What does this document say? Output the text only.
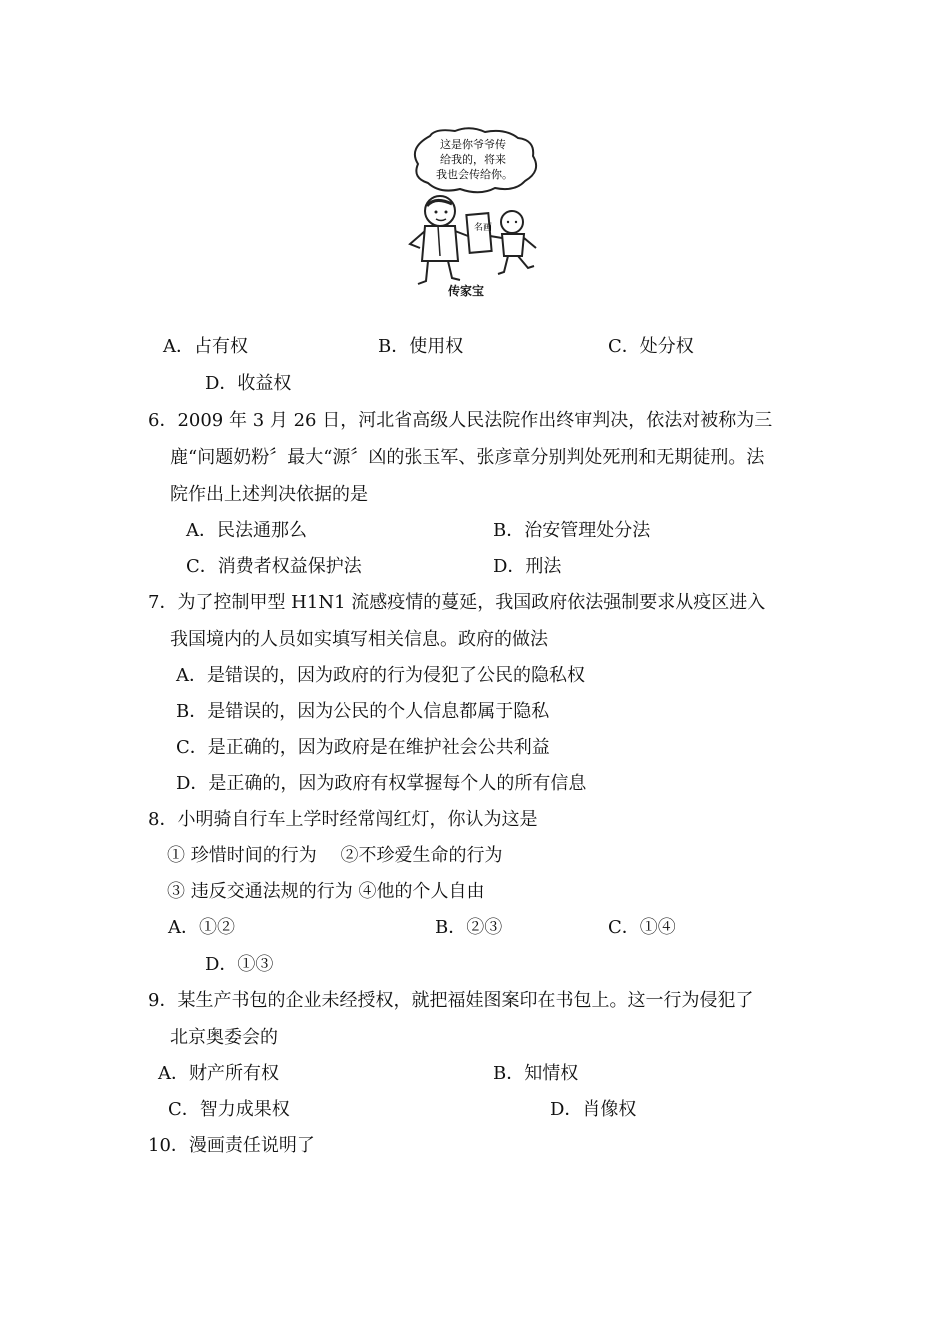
这是你爷爷传
给我的，将来
我也会传给你。
名画
传家宝
A．占有权	B．使用权	C．处分权
D．收益权
6．2009 年 3 月 26 日，河北省高级人民法院作出终审判决，依法对被称为三
鹿“问题奶粉〞最大“源〞凶的张玉军、张彦章分别判处死刑和无期徒刑。法
院作出上述判决依据的是
A．民法通那么	B．治安管理处分法
C．消费者权益保护法	D．刑法
7．为了控制甲型 H1N1 流感疫情的蔓延，我国政府依法强制要求从疫区进入
我国境内的人员如实填写相关信息。政府的做法
A．是错误的，因为政府的行为侵犯了公民的隐私权
B．是错误的，因为公民的个人信息都属于隐私
C．是正确的，因为政府是在维护社会公共利益
D．是正确的，因为政府有权掌握每个人的所有信息
8．小明骑自行车上学时经常闯红灯，你认为这是
① 珍惜时间的行为 　②不珍爱生命的行为
③ 违反交通法规的行为 ④他的个人自由
A．①②	B．②③	C．①④
D．①③
9．某生产书包的企业未经授权，就把福娃图案印在书包上。这一行为侵犯了
北京奥委会的
A．财产所有权	B．知情权
C．智力成果权	D．肖像权
10．漫画责任说明了
